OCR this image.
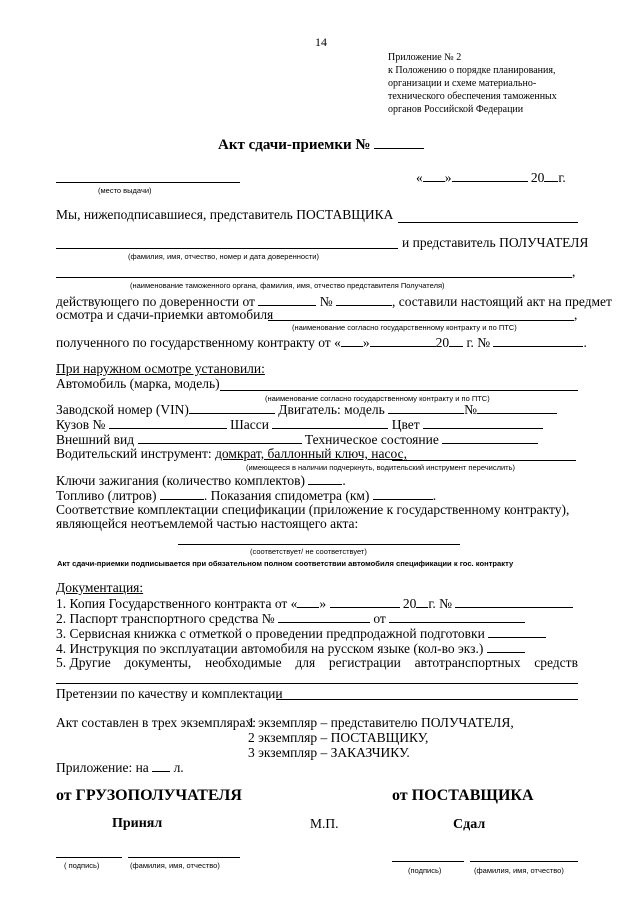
14
Приложение № 2
к Положению о порядке планирования,
организации и схеме материально-
технического обеспечения таможенных
органов Российской Федерации
Акт сдачи-приемки №
(место выдачи)
« »	20 г.
Мы, нижеподписавшиеся, представитель ПОСТАВЩИКА
и представитель ПОЛУЧАТЕЛЯ
(фамилия, имя, отчество, номер и дата доверенности)
,
(наименование таможенного органа, фамилия, имя, отчество представителя Получателя)
действующего по доверенности от	№	, составили настоящий акт на предмет
осмотра и сдачи-приемки автомобиля	,
(наименование согласно государственному контракту и по ПТС)
полученного по государственному контракту от « »	20 г. №	.
При наружном осмотре установили:
Автомобиль (марка, модель)
(наименование согласно государственному контракту и по ПТС)
Заводской номер (VIN)	Двигатель: модель	№
Кузов №	Шасси	Цвет
Внешний вид	Техническое состояние
Водительский инструмент: домкрат, баллонный ключ, насос,
(имеющееся в наличии подчеркнуть, водительский инструмент перечислить)
Ключи зажигания (количество комплектов)	.
Топливо (литров)	. Показания спидометра (км)	.
Соответствие комплектации спецификации (приложение к государственному контракту),
являющейся неотъемлемой частью настоящего акта:
(соответствует/ не соответствует)
Акт сдачи-приемки подписывается при обязательном полном соответствии автомобиля спецификации к гос. контракту
Документация:
1. Копия Государственного контракта от « »	20 г. №
2. Паспорт транспортного средства №	от
3. Сервисная книжка с отметкой о проведении предпродажной подготовки
4. Инструкция по эксплуатации автомобиля на русском языке (кол-во экз.)
5. Другие документы, необходимые для регистрации автотранспортных средств
Претензии по качеству и комплектации
Акт составлен в трех экземплярах:
1 экземпляр – представителю ПОЛУЧАТЕЛЯ,
2 экземпляр – ПОСТАВЩИКУ,
3 экземпляр – ЗАКАЗЧИКУ.
Приложение: на л.
от ГРУЗОПОЛУЧАТЕЛЯ	от ПОСТАВЩИКА
Принял	М.П.	Сдал
( подпись)	(фамилия, имя, отчество)
(подпись)	(фамилия, имя, отчество)
